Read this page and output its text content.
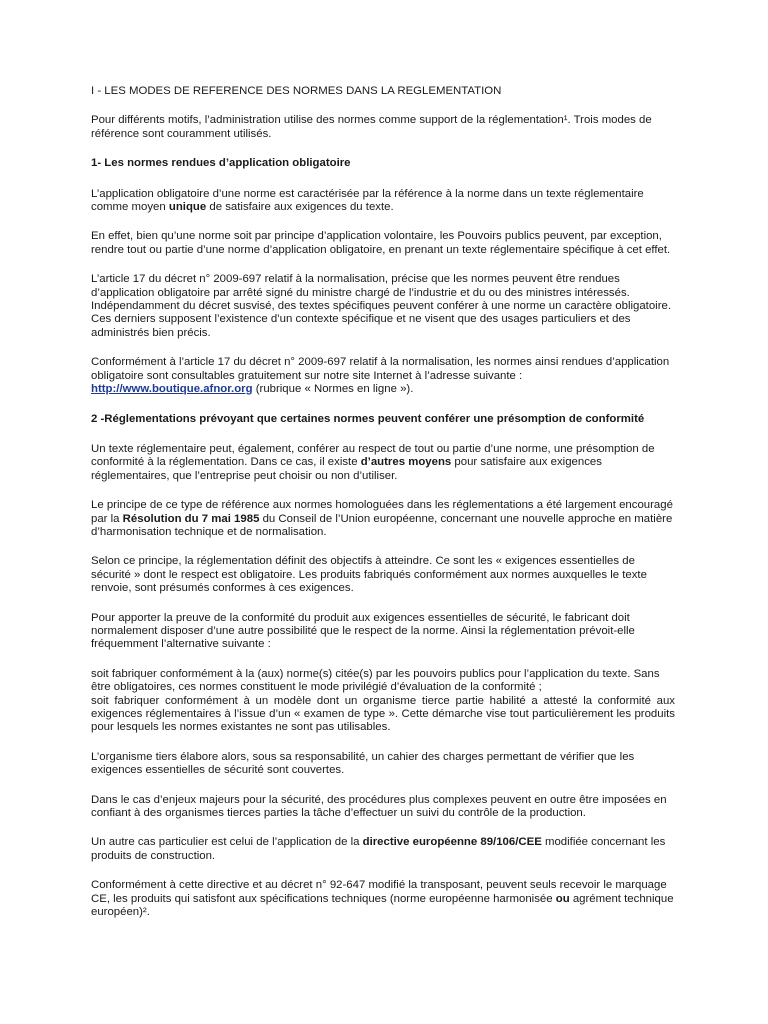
I - LES MODES DE REFERENCE DES NORMES DANS LA REGLEMENTATION

Pour différents motifs, l’administration utilise des normes comme support de la réglementation¹. Trois modes de référence sont couramment utilisés.

1- Les normes rendues d’application obligatoire

L’application obligatoire d’une norme est caractérisée par la référence à la norme dans un texte réglementaire comme moyen unique de satisfaire aux exigences du texte.

En effet, bien qu’une norme soit par principe d’application volontaire, les Pouvoirs publics peuvent, par exception, rendre tout ou partie d’une norme d’application obligatoire, en prenant un texte réglementaire spécifique à cet effet.

L’article 17 du décret n° 2009-697 relatif à la normalisation, précise que les normes peuvent être rendues d’application obligatoire par arrêté signé du ministre chargé de l’industrie et du ou des ministres intéressés. Indépendamment du décret susvisé, des textes spécifiques peuvent conférer à une norme un caractère obligatoire. Ces derniers supposent l’existence d’un contexte spécifique et ne visent que des usages particuliers et des administrés bien précis.

Conformément à l’article 17 du décret n° 2009-697 relatif à la normalisation, les normes ainsi rendues d’application obligatoire sont consultables gratuitement sur notre site Internet à l’adresse suivante : http://www.boutique.afnor.org (rubrique « Normes en ligne »).

2 -Réglementations prévoyant que certaines normes peuvent conférer une présomption de conformité

Un texte réglementaire peut, également, conférer au respect de tout ou partie d’une norme, une présomption de conformité à la réglementation. Dans ce cas, il existe d’autres moyens pour satisfaire aux exigences réglementaires, que l’entreprise peut choisir ou non d’utiliser.

Le principe de ce type de référence aux normes homologuées dans les réglementations a été largement encouragé par la Résolution du 7 mai 1985 du Conseil de l’Union européenne, concernant une nouvelle approche en matière d’harmonisation technique et de normalisation.

Selon ce principe, la réglementation définit des objectifs à atteindre. Ce sont les « exigences essentielles de sécurité » dont le respect est obligatoire. Les produits fabriqués conformément aux normes auxquelles le texte renvoie, sont présumés conformes à ces exigences.

Pour apporter la preuve de la conformité du produit aux exigences essentielles de sécurité, le fabricant doit normalement disposer d’une autre possibilité que le respect de la norme. Ainsi la réglementation prévoit-elle fréquemment l’alternative suivante :

soit fabriquer conformément à la (aux) norme(s) citée(s) par les pouvoirs publics pour l’application du texte. Sans être obligatoires, ces normes constituent le mode privilégié d’évaluation de la conformité ;
soit fabriquer conformément à un modèle dont un organisme tierce partie habilité a attesté la conformité aux exigences réglementaires à l’issue d’un « examen de type ». Cette démarche vise tout particulièrement les produits pour lesquels les normes existantes ne sont pas utilisables.

L’organisme tiers élabore alors, sous sa responsabilité, un cahier des charges permettant de vérifier que les exigences essentielles de sécurité sont couvertes.

Dans le cas d’enjeux majeurs pour la sécurité, des procédures plus complexes peuvent en outre être imposées en confiant à des organismes tierces parties la tâche d’effectuer un suivi du contrôle de la production.

Un autre cas particulier est celui de l’application de la directive européenne 89/106/CEE modifiée concernant les produits de construction.

Conformément à cette directive et au décret n° 92-647 modifié la transposant, peuvent seuls recevoir le marquage CE, les produits qui satisfont aux spécifications techniques (norme européenne harmonisée ou agrément technique européen)².
